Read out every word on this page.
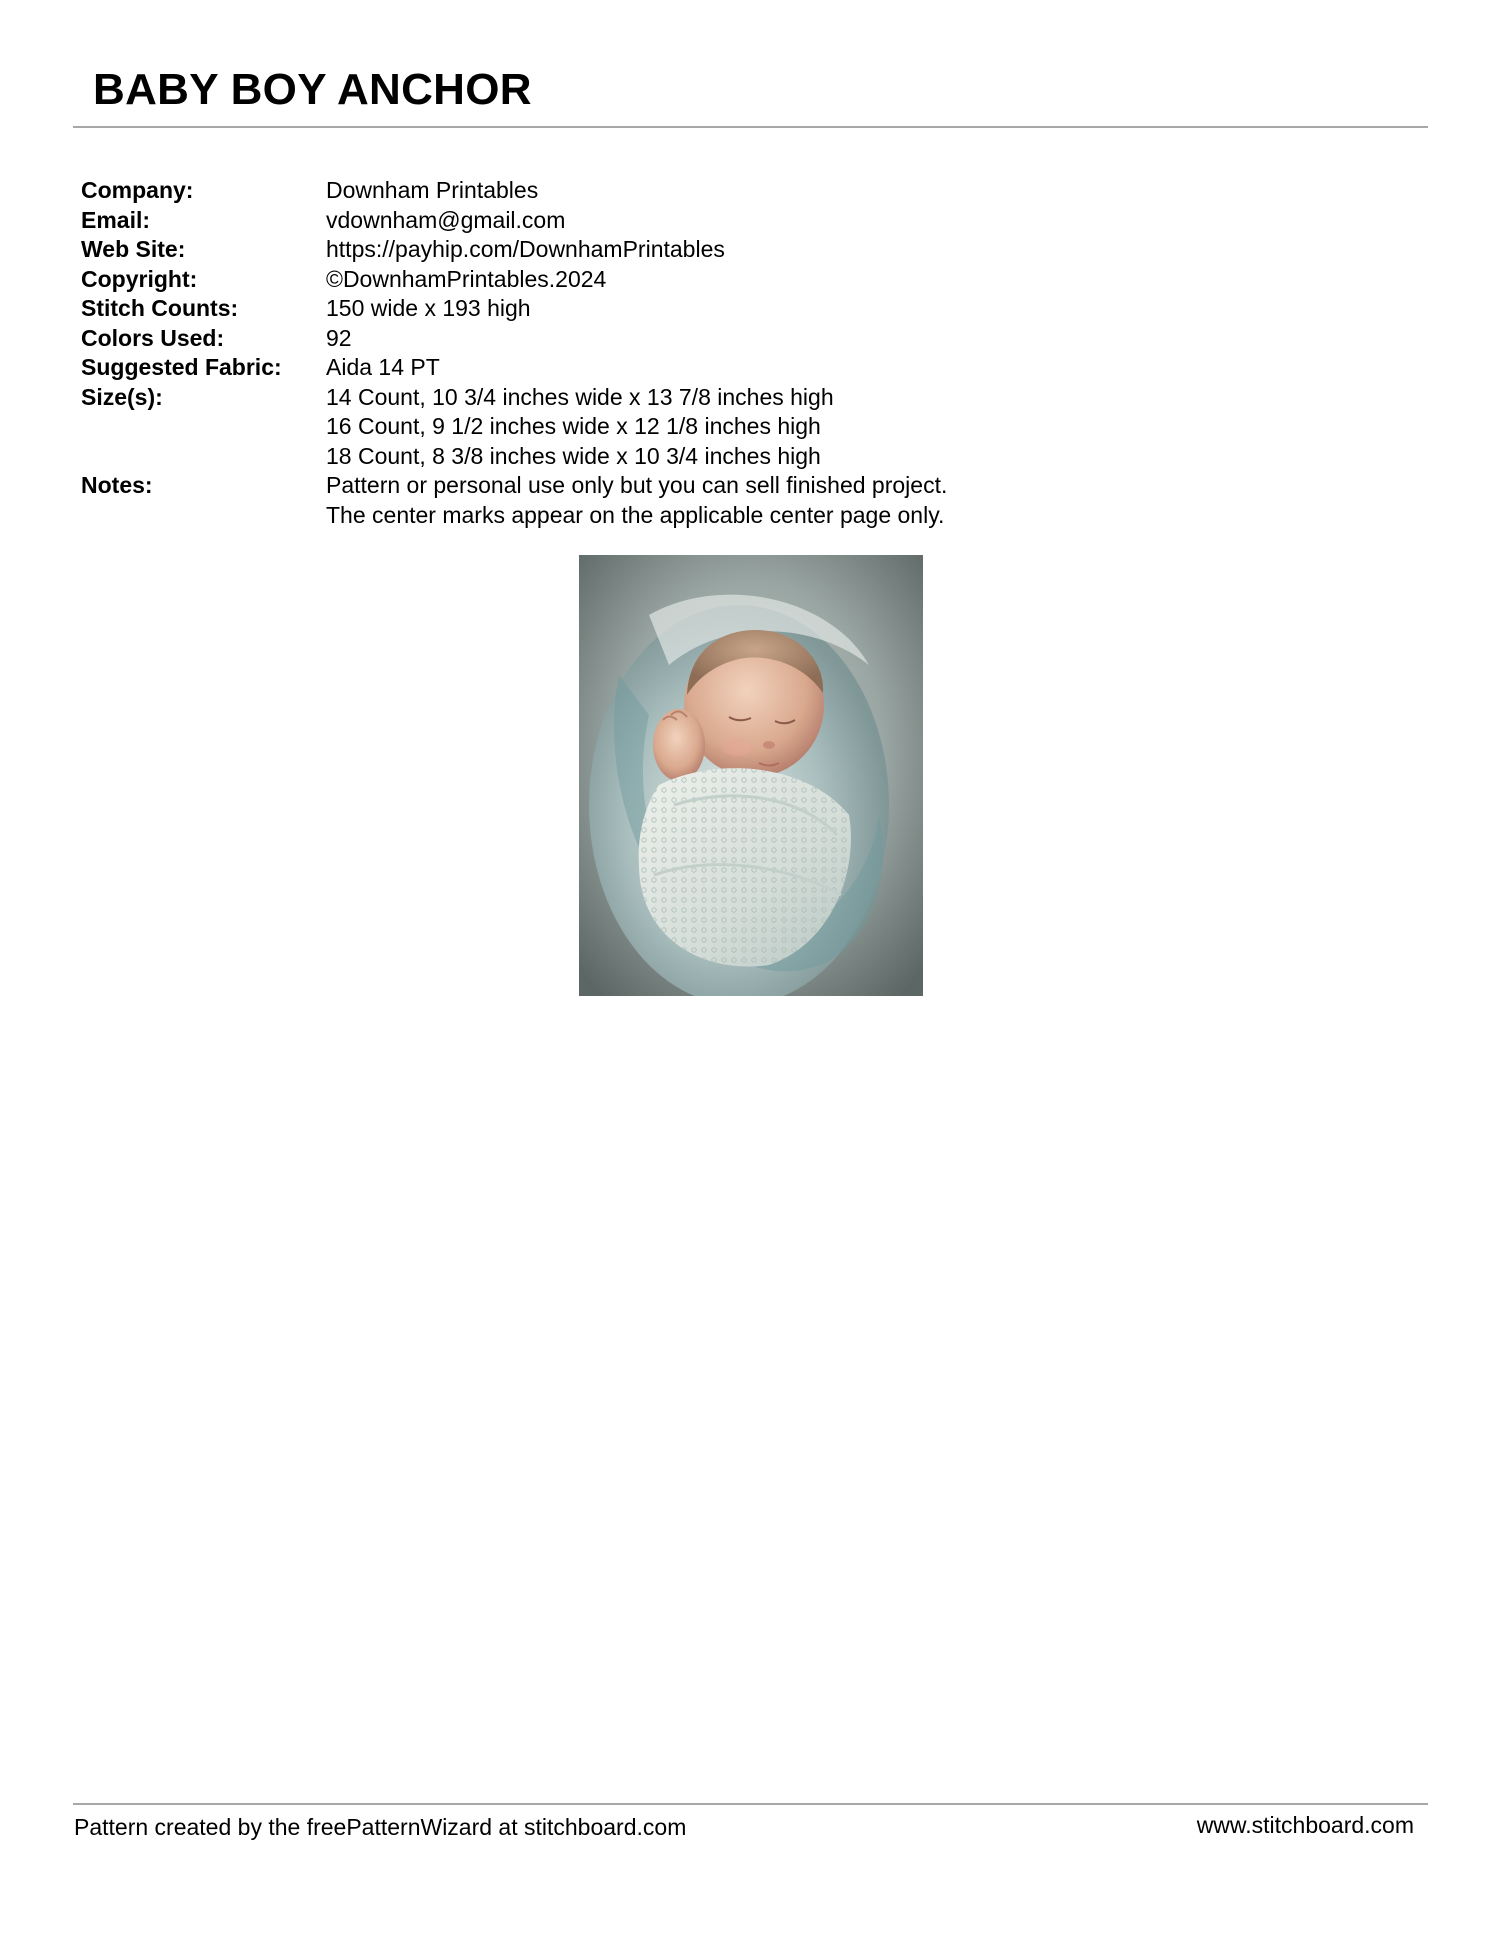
BABY BOY ANCHOR
Company:	Downham Printables
Email:	vdownham@gmail.com
Web Site:	https://payhip.com/DownhamPrintables
Copyright:	©DownhamPrintables.2024
Stitch Counts:	150 wide x 193 high
Colors Used:	92
Suggested Fabric:	Aida 14 PT
Size(s):	14 Count, 10 3/4 inches wide x 13 7/8 inches high
16 Count, 9 1/2 inches wide x 12 1/8 inches high
18 Count, 8 3/8 inches wide x 10 3/4 inches high

Notes:	Pattern or personal use only but you can sell finished project.
The center marks appear on the applicable center page only.
Pattern created by the freePatternWizard at stitchboard.com	www.stitchboard.com
